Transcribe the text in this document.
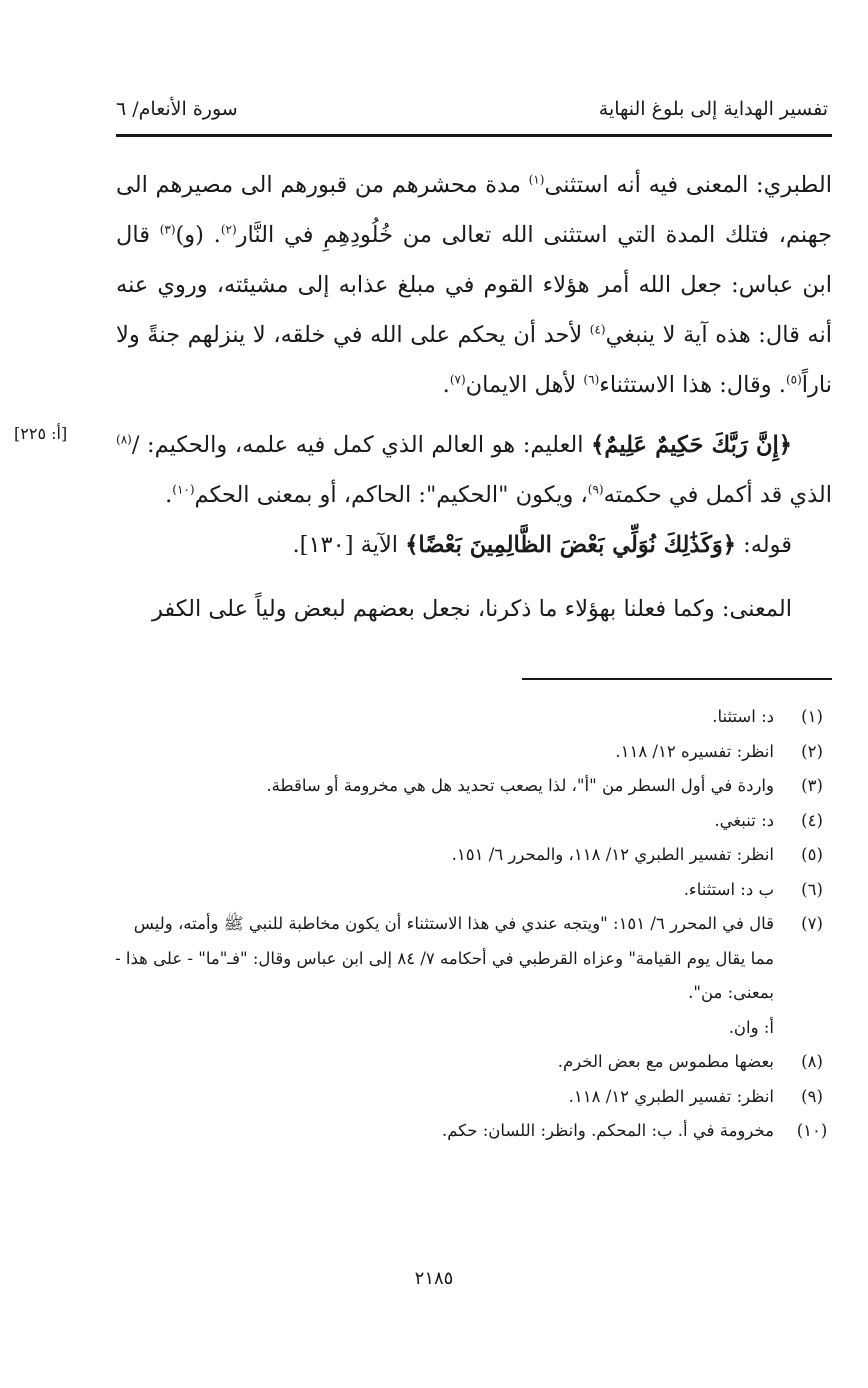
تفسير الهداية إلى بلوغ النهاية
سورة الأنعام/ ٦
[أ: ٢٢٥]

الطبري: المعنى فيه أنه استثنى$^{(١)}$ مدة محشرهم من قبورهم الى مصيرهم الى جهنم، فتلك المدة التي استثنى الله تعالى من خُلُودِهِمِ في النَّار$^{(٢)}$. (و)$^{(٣)}$ قال ابن عباس: جعل الله أمر هؤلاء القوم في مبلغ عذابه إلى مشيئته، وروي عنه أنه قال: هذه آية لا ينبغي$^{(٤)}$ لأحد أن يحكم على الله في خلقه، لا ينزلهم جنةً ولا ناراً$^{(٥)}$. وقال: هذا الاستثناء$^{(٦)}$ لأهل الايمان$^{(٧)}$.

﴿إِنَّ رَبَّكَ حَكِيمٌ عَلِيمٌ﴾ العليم: هو العالم الذي كمل فيه علمه، والحكيم: /$^{(٨)}$ الذي قد أكمل في حكمته$^{(٩)}$، ويكون "الحكيم": الحاكم، أو بمعنى الحكم$^{(١٠)}$.

قوله: ﴿وَكَذَٰلِكَ نُوَلِّي بَعْضَ الظَّالِمِينَ بَعْضًا﴾ الآية [١٣٠].

المعنى: وكما فعلنا بهؤلاء ما ذكرنا، نجعل بعضهم لبعض ولياً على الكفر

(١)
د: استثنا.

(٢)
انظر: تفسيره ١٢/ ١١٨.

(٣)
واردة في أول السطر من "أ"، لذا يصعب تحديد هل هي مخرومة أو ساقطة.

(٤)
د: تنبغي.

(٥)
انظر: تفسير الطبري ١٢/ ١١٨، والمحرر ٦/ ١٥١.

(٦)
ب د: استثناء.

(٧)
قال في المحرر ٦/ ١٥١: "ويتجه عندي في هذا الاستثناء أن يكون مخاطبة للنبي ﷺ وأمته، وليس مما يقال يوم القيامة" وعزاه القرطبي في أحكامه ٧/ ٨٤ إلى ابن عباس وقال: "فـ"ما" - على هذا - بمعنى: من".

أ: وان.

(٨)
بعضها مطموس مع بعض الخرم.

(٩)
انظر: تفسير الطبري ١٢/ ١١٨.

(١٠)
مخرومة في أ. ب: المحكم. وانظر: اللسان: حكم.

٢١٨٥
